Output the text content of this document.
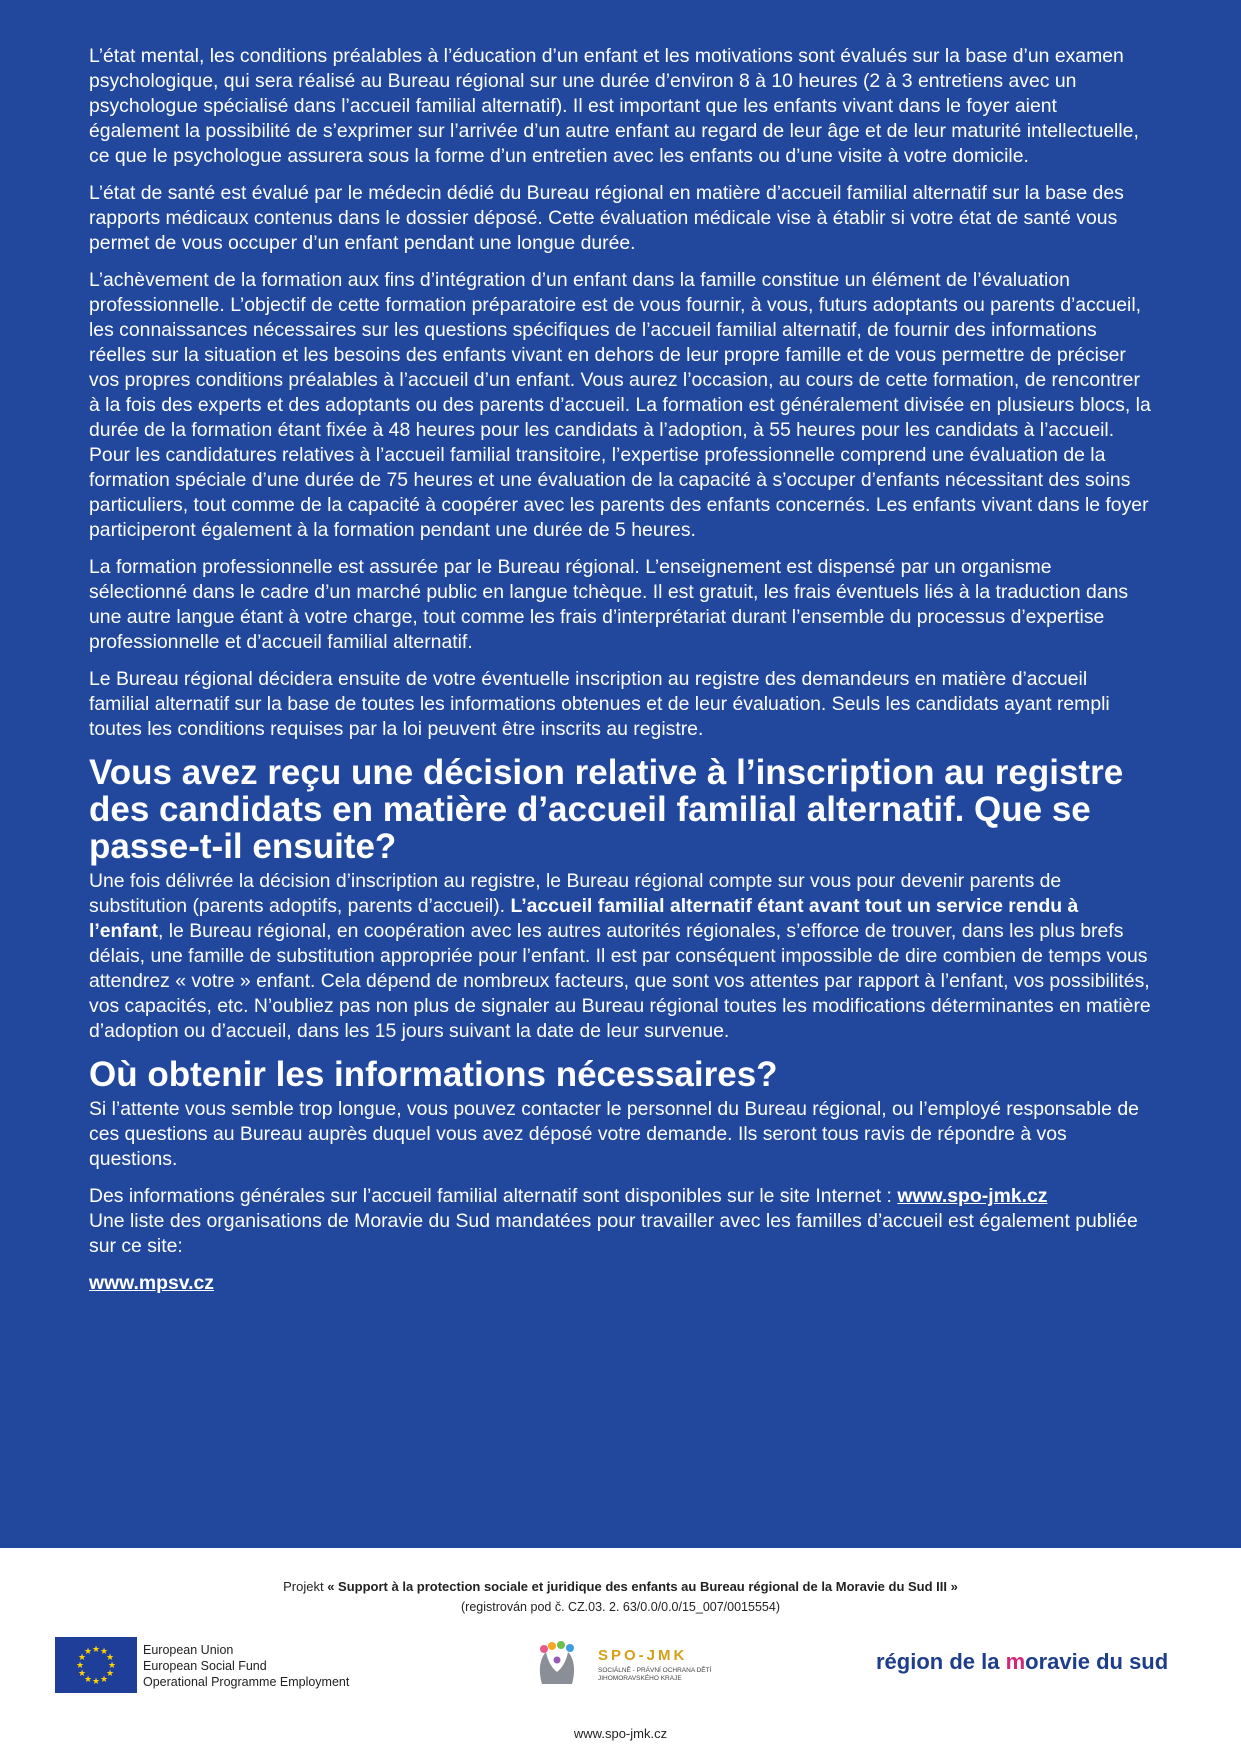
L’état mental, les conditions préalables à l’éducation d’un enfant et les motivations sont évalués sur la base d’un examen psychologique, qui sera réalisé au Bureau régional sur une durée d’environ 8 à 10 heures (2 à 3 entretiens avec un psychologue spécialisé dans l’accueil familial alternatif). Il est important que les enfants vivant dans le foyer aient également la possibilité de s’exprimer sur l’arrivée d’un autre enfant au regard de leur âge et de leur maturité intellectuelle, ce que le psychologue assurera sous la forme d’un entretien avec les enfants ou d’une visite à votre domicile.

L’état de santé est évalué par le médecin dédié du Bureau régional en matière d’accueil familial alternatif sur la base des rapports médicaux contenus dans le dossier déposé. Cette évaluation médicale vise à établir si votre état de santé vous permet de vous occuper d’un enfant pendant une longue durée.

L’achèvement de la formation aux fins d’intégration d’un enfant dans la famille constitue un élément de l’évaluation professionnelle. L’objectif de cette formation préparatoire est de vous fournir, à vous, futurs adoptants ou parents d’accueil, les connaissances nécessaires sur les questions spécifiques de l’accueil familial alternatif, de fournir des informations réelles sur la situation et les besoins des enfants vivant en dehors de leur propre famille et de vous permettre de préciser vos propres conditions préalables à l’accueil d’un enfant. Vous aurez l’occasion, au cours de cette formation, de rencontrer à la fois des experts et des adoptants ou des parents d’accueil. La formation est généralement divisée en plusieurs blocs, la durée de la formation étant fixée à 48 heures pour les candidats à l’adoption, à 55 heures pour les candidats à l’accueil. Pour les candidatures relatives à l’accueil familial transitoire, l’expertise professionnelle comprend une évaluation de la formation spéciale d’une durée de 75 heures et une évaluation de la capacité à s’occuper d’enfants nécessitant des soins particuliers, tout comme de la capacité à coopérer avec les parents des enfants concernés. Les enfants vivant dans le foyer participeront également à la formation pendant une durée de 5 heures.

La formation professionnelle est assurée par le Bureau régional. L’enseignement est dispensé par un organisme sélectionné dans le cadre d’un marché public en langue tchèque. Il est gratuit, les frais éventuels liés à la traduction dans une autre langue étant à votre charge, tout comme les frais d’interprétariat durant l’ensemble du processus d’expertise professionnelle et d’accueil familial alternatif.

Le Bureau régional décidera ensuite de votre éventuelle inscription au registre des demandeurs en matière d’accueil familial alternatif sur la base de toutes les informations obtenues et de leur évaluation. Seuls les candidats ayant rempli toutes les conditions requises par la loi peuvent être inscrits au registre.

Vous avez reçu une décision relative à l’inscription au registre des candidats en matière d’accueil familial alternatif. Que se passe-t-il ensuite?

Une fois délivrée la décision d’inscription au registre, le Bureau régional compte sur vous pour devenir parents de substitution (parents adoptifs, parents d’accueil). L’accueil familial alternatif étant avant tout un service rendu à l’enfant, le Bureau régional, en coopération avec les autres autorités régionales, s’efforce de trouver, dans les plus brefs délais, une famille de substitution appropriée pour l’enfant. Il est par conséquent impossible de dire combien de temps vous attendrez « votre » enfant. Cela dépend de nombreux facteurs, que sont vos attentes par rapport à l’enfant, vos possibilités, vos capacités, etc. N’oubliez pas non plus de signaler au Bureau régional toutes les modifications déterminantes en matière d’adoption ou d’accueil, dans les 15 jours suivant la date de leur survenue.

Où obtenir les informations nécessaires?

Si l’attente vous semble trop longue, vous pouvez contacter le personnel du Bureau régional, ou l’employé responsable de ces questions au Bureau auprès duquel vous avez déposé votre demande. Ils seront tous ravis de répondre à vos questions.

Des informations générales sur l’accueil familial alternatif sont disponibles sur le site Internet : www.spo-jmk.cz

Une liste des organisations de Moravie du Sud mandatées pour travailler avec les familles d’accueil est également publiée sur ce site:

www.mpsv.cz

Projekt « Support à la protection sociale et juridique des enfants au Bureau régional de la Moravie du Sud III »
(registrován pod č. CZ.03. 2. 63/0.0/0.0/15_007/0015554)
★ ★
★
★
★
★
★
★
★
★
★
★	European Union
European Social Fund
Operational Programme Employment
SPO-JMK
SOCIÁLNĚ - PRÁVNÍ OCHRANA DĚTÍ JIHOMORAVSKÉHO KRAJE
région de la moravie du sud
www.spo-jmk.cz
